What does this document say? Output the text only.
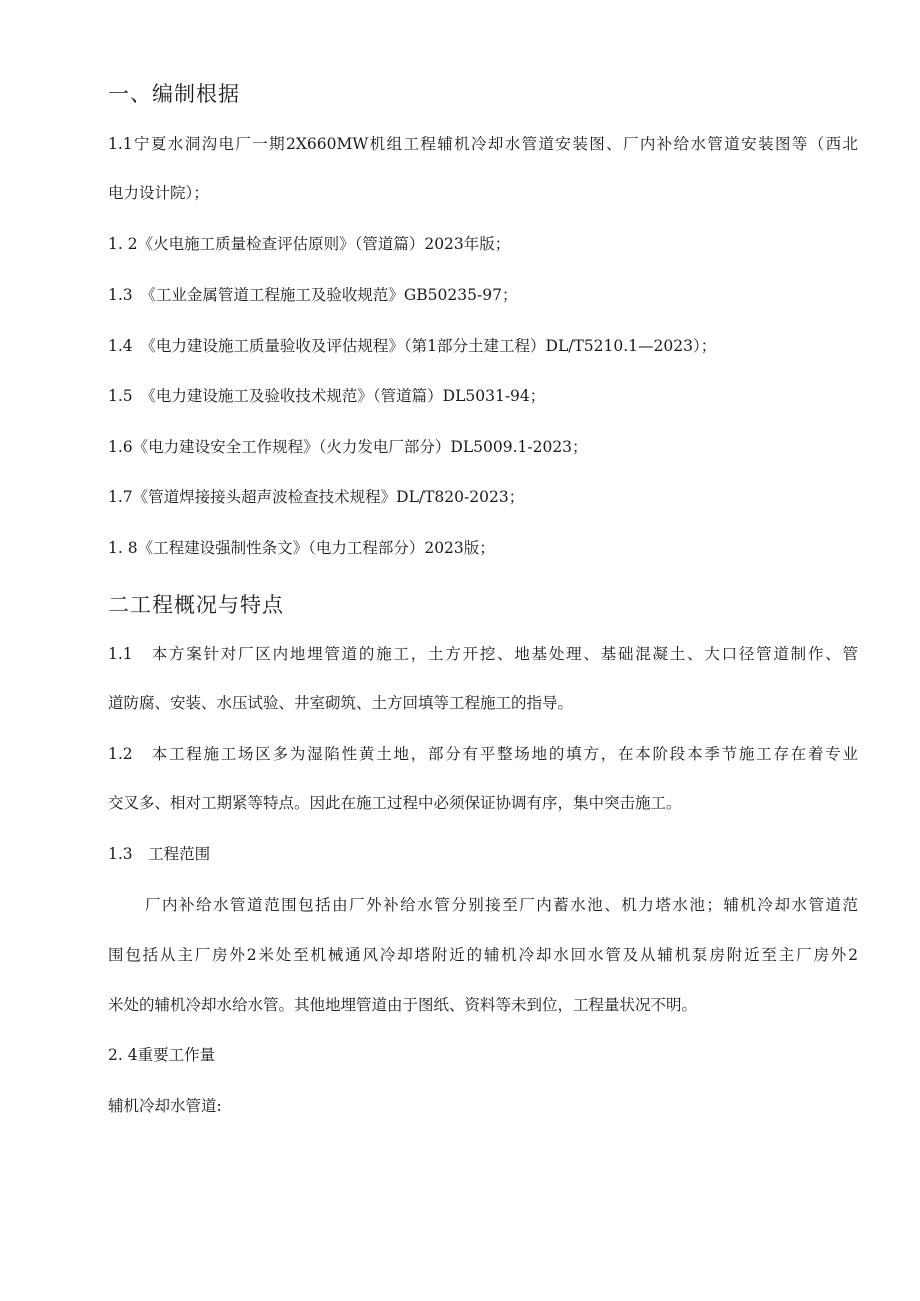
一、编制根据
1.1宁夏水洞沟电厂一期2X660MW机组工程辅机冷却水管道安装图、厂内补给水管道安装图等（西北
电力设计院）；
1. 2《火电施工质量检查评估原则》（管道篇）2023年版；
1.3　《工业金属管道工程施工及验收规范》GB50235-97；
1.4　《电力建设施工质量验收及评估规程》（第1部分土建工程）DL/T5210.1—2023）；
1.5　《电力建设施工及验收技术规范》（管道篇）DL5031-94；
1.6《电力建设安全工作规程》（火力发电厂部分）DL5009.1-2023；
1.7《管道焊接接头超声波检查技术规程》DL/T820-2023；
1. 8《工程建设强制性条文》（电力工程部分）2023版；
二工程概况与特点
1.1　本方案针对厂区内地埋管道的施工，土方开挖、地基处理、基础混凝土、大口径管道制作、管
道防腐、安装、水压试验、井室砌筑、土方回填等工程施工的指导。
1.2　本工程施工场区多为湿陷性黄土地，部分有平整场地的填方，在本阶段本季节施工存在着专业
交叉多、相对工期紧等特点。因此在施工过程中必须保证协调有序，集中突击施工。
1.3　工程范围
厂内补给水管道范围包括由厂外补给水管分别接至厂内蓄水池、机力塔水池；辅机冷却水管道范
围包括从主厂房外2米处至机械通风冷却塔附近的辅机冷却水回水管及从辅机泵房附近至主厂房外2
米处的辅机冷却水给水管。其他地埋管道由于图纸、资料等未到位，工程量状况不明。
2. 4重要工作量
辅机冷却水管道:
